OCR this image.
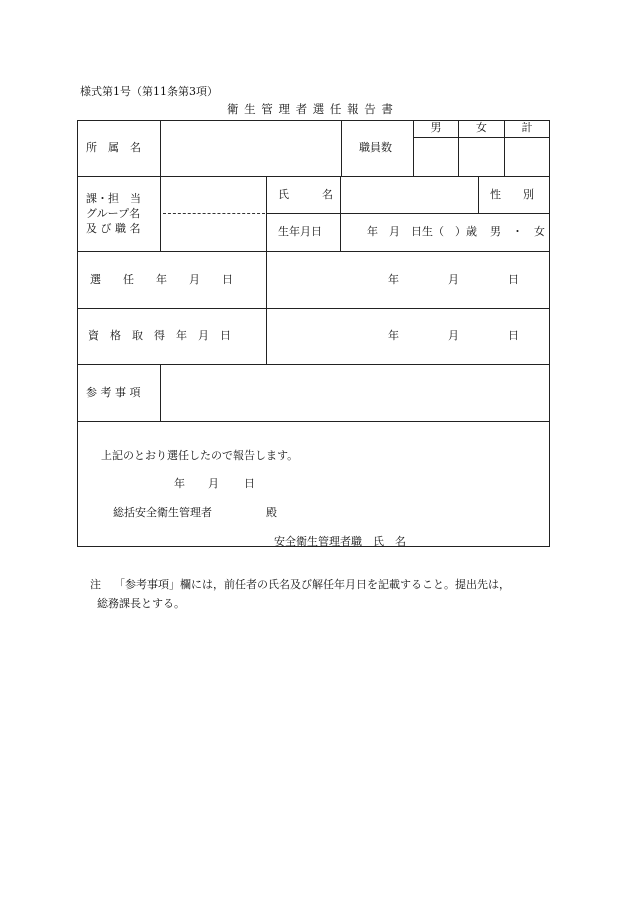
様式第1号（第11条第3項）
衛 生 管 理 者 選 任 報 告 書
所　属　名	職員数
男	女	計
課・担　当
グループ名
及 び 職 名
氏　　　名	性　　別
生年月日	年　月　日生（　）歳 男　・　女
選　　任　　年　　月　　日	年	月	日
資　格　取　得　年　月　日	年	月	日
参 考 事 項
上記のとおり選任したので報告します。
年 月 日
総括安全衛生管理者	殿
安全衛生管理者職　氏　名
注 「参考事項」欄には，前任者の氏名及び解任年月日を記載すること。提出先は，
総務課長とする。
